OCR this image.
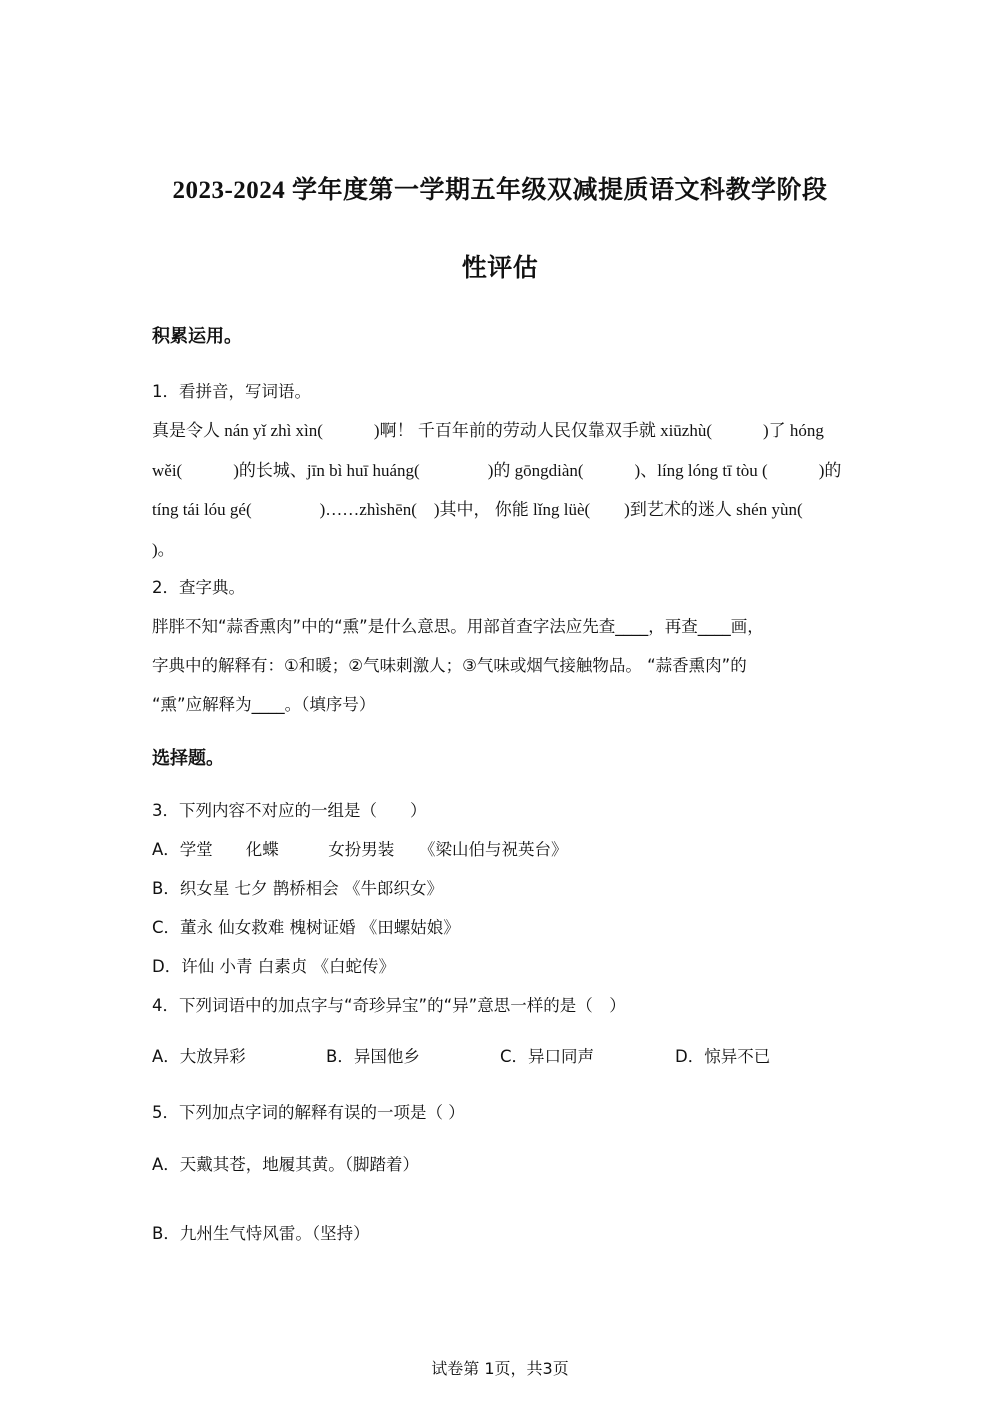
2023-2024 学年度第一学期五年级双减提质语文科教学阶段
性评估
积累运用。
1．看拼音，写词语。
真是令人 nán yǐ zhì xìn(　　　)啊！ 千百年前的劳动人民仅靠双手就 xiūzhù(　　　)了 hóng
wěi(　　　)的长城、jīn bì huī huáng(　　　　)的 gōngdiàn(　　　)、líng lóng tī tòu (　　　)的
tíng tái lóu gé(　　　　)……zhìshēn(　)其中， 你能 lǐng lüè(　　)到艺术的迷人 shén yùn(
)。
2．查字典。
胖胖不知“蒜香熏肉”中的“熏”是什么意思。用部首查字法应先查____，再查____画，
字典中的解释有：①和暖；②气味刺激人；③气味或烟气接触物品。 “蒜香熏肉”的
“熏”应解释为____。（填序号）
选择题。
3．下列内容不对应的一组是（　　）
A．学堂　　化蝶　　　女扮男装　　《梁山伯与祝英台》
B．织女星 七夕 鹊桥相会 《牛郎织女》
C．董永 仙女救难 槐树证婚 《田螺姑娘》
D．许仙 小青 白素贞 《白蛇传》
4．下列词语中的加点字与“奇珍异宝”的“异”意思一样的是（　）
A．大放异彩	B．异国他乡	C．异口同声	D．惊异不已
5．下列加点字词的解释有误的一项是（ ）
A．天戴其苍，地履其黄。（脚踏着）
B．九州生气恃风雷。（坚持）
试卷第 1页，共3页
